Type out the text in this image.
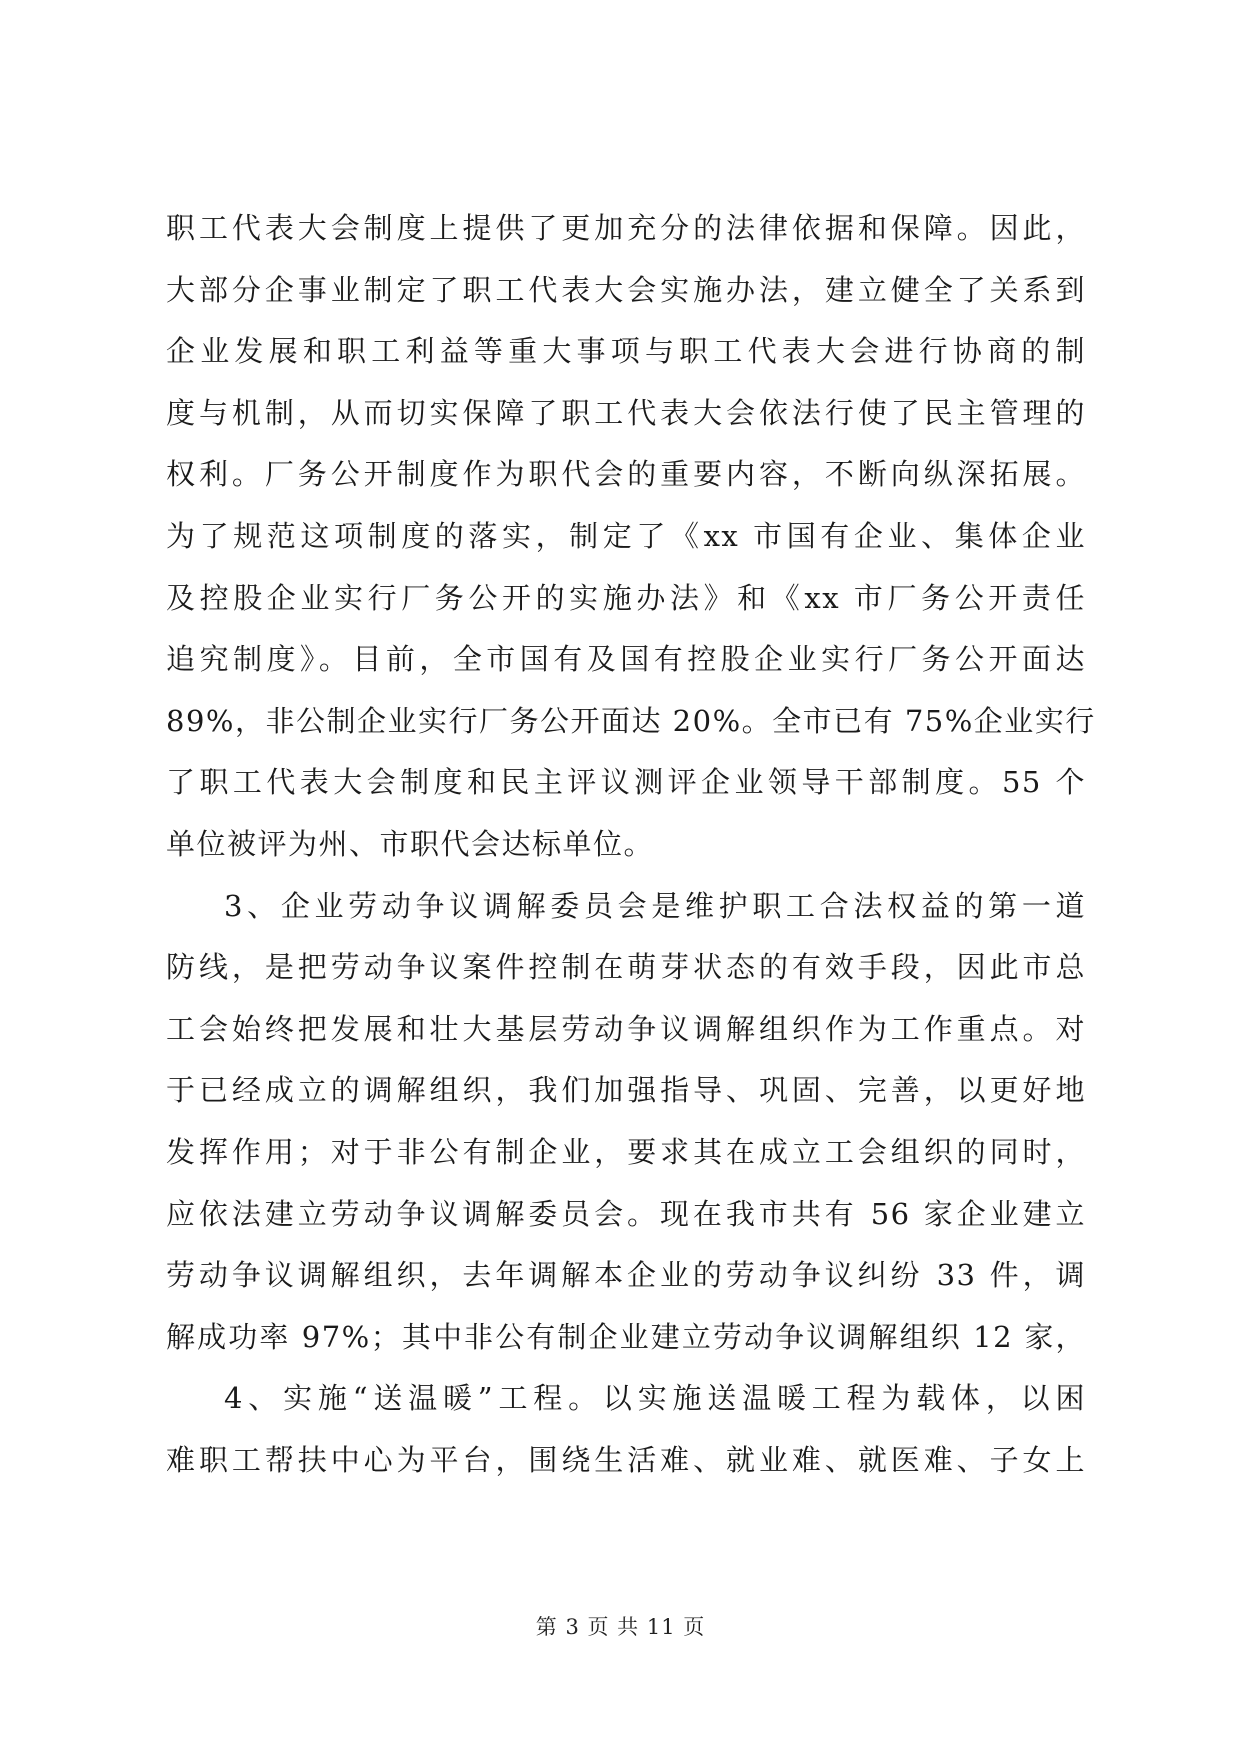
职工代表大会制度上提供了更加充分的法律依据和保障。因此，
大部分企事业制定了职工代表大会实施办法，建立健全了关系到
企业发展和职工利益等重大事项与职工代表大会进行协商的制
度与机制，从而切实保障了职工代表大会依法行使了民主管理的
权利。厂务公开制度作为职代会的重要内容，不断向纵深拓展。
为了规范这项制度的落实，制定了《xx 市国有企业、集体企业
及控股企业实行厂务公开的实施办法》和《xx 市厂务公开责任
追究制度》。目前，全市国有及国有控股企业实行厂务公开面达
89%，非公制企业实行厂务公开面达 20%。全市已有 75%企业实行
了职工代表大会制度和民主评议测评企业领导干部制度。55 个
单位被评为州、市职代会达标单位。
3、企业劳动争议调解委员会是维护职工合法权益的第一道
防线，是把劳动争议案件控制在萌芽状态的有效手段，因此市总
工会始终把发展和壮大基层劳动争议调解组织作为工作重点。对
于已经成立的调解组织，我们加强指导、巩固、完善，以更好地
发挥作用；对于非公有制企业，要求其在成立工会组织的同时，
应依法建立劳动争议调解委员会。现在我市共有 56 家企业建立
劳动争议调解组织，去年调解本企业的劳动争议纠纷 33 件，调
解成功率 97%；其中非公有制企业建立劳动争议调解组织 12 家，
4、实施“送温暖”工程。以实施送温暖工程为载体，以困
难职工帮扶中心为平台，围绕生活难、就业难、就医难、子女上
第 3 页 共 11 页
